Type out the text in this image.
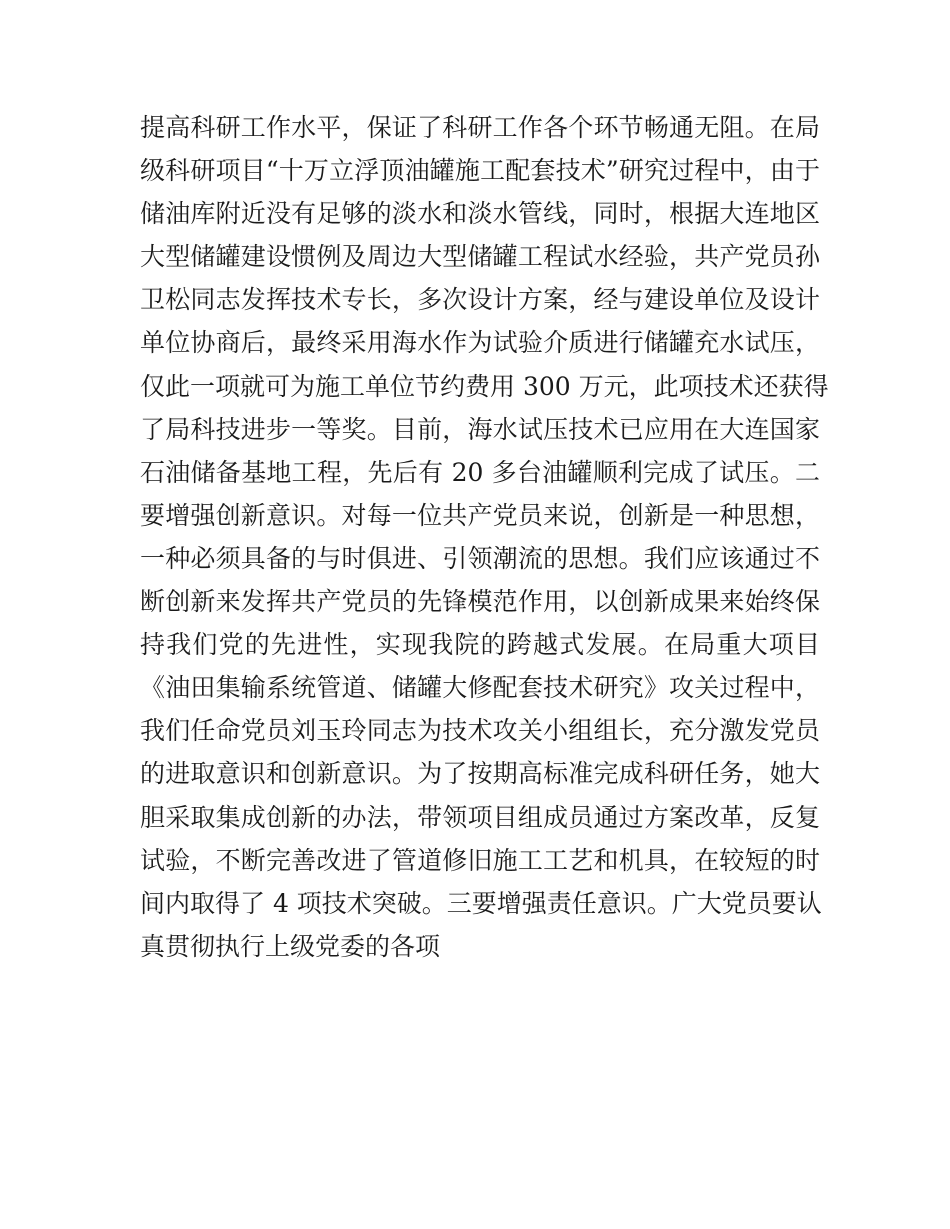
提高科研工作水平，保证了科研工作各个环节畅通无阻。在局
级科研项目“十万立浮顶油罐施工配套技术”研究过程中，由于
储油库附近没有足够的淡水和淡水管线，同时，根据大连地区
大型储罐建设惯例及周边大型储罐工程试水经验，共产党员孙
卫松同志发挥技术专长，多次设计方案，经与建设单位及设计
单位协商后，最终采用海水作为试验介质进行储罐充水试压，
仅此一项就可为施工单位节约费用 300 万元，此项技术还获得
了局科技进步一等奖。目前，海水试压技术已应用在大连国家
石油储备基地工程，先后有 20 多台油罐顺利完成了试压。二
要增强创新意识。对每一位共产党员来说，创新是一种思想，
一种必须具备的与时俱进、引领潮流的思想。我们应该通过不
断创新来发挥共产党员的先锋模范作用，以创新成果来始终保
持我们党的先进性，实现我院的跨越式发展。在局重大项目
《油田集输系统管道、储罐大修配套技术研究》攻关过程中，
我们任命党员刘玉玲同志为技术攻关小组组长，充分激发党员
的进取意识和创新意识。为了按期高标准完成科研任务，她大
胆采取集成创新的办法，带领项目组成员通过方案改革，反复
试验，不断完善改进了管道修旧施工工艺和机具，在较短的时
间内取得了 4 项技术突破。三要增强责任意识。广大党员要认
真贯彻执行上级党委的各项
